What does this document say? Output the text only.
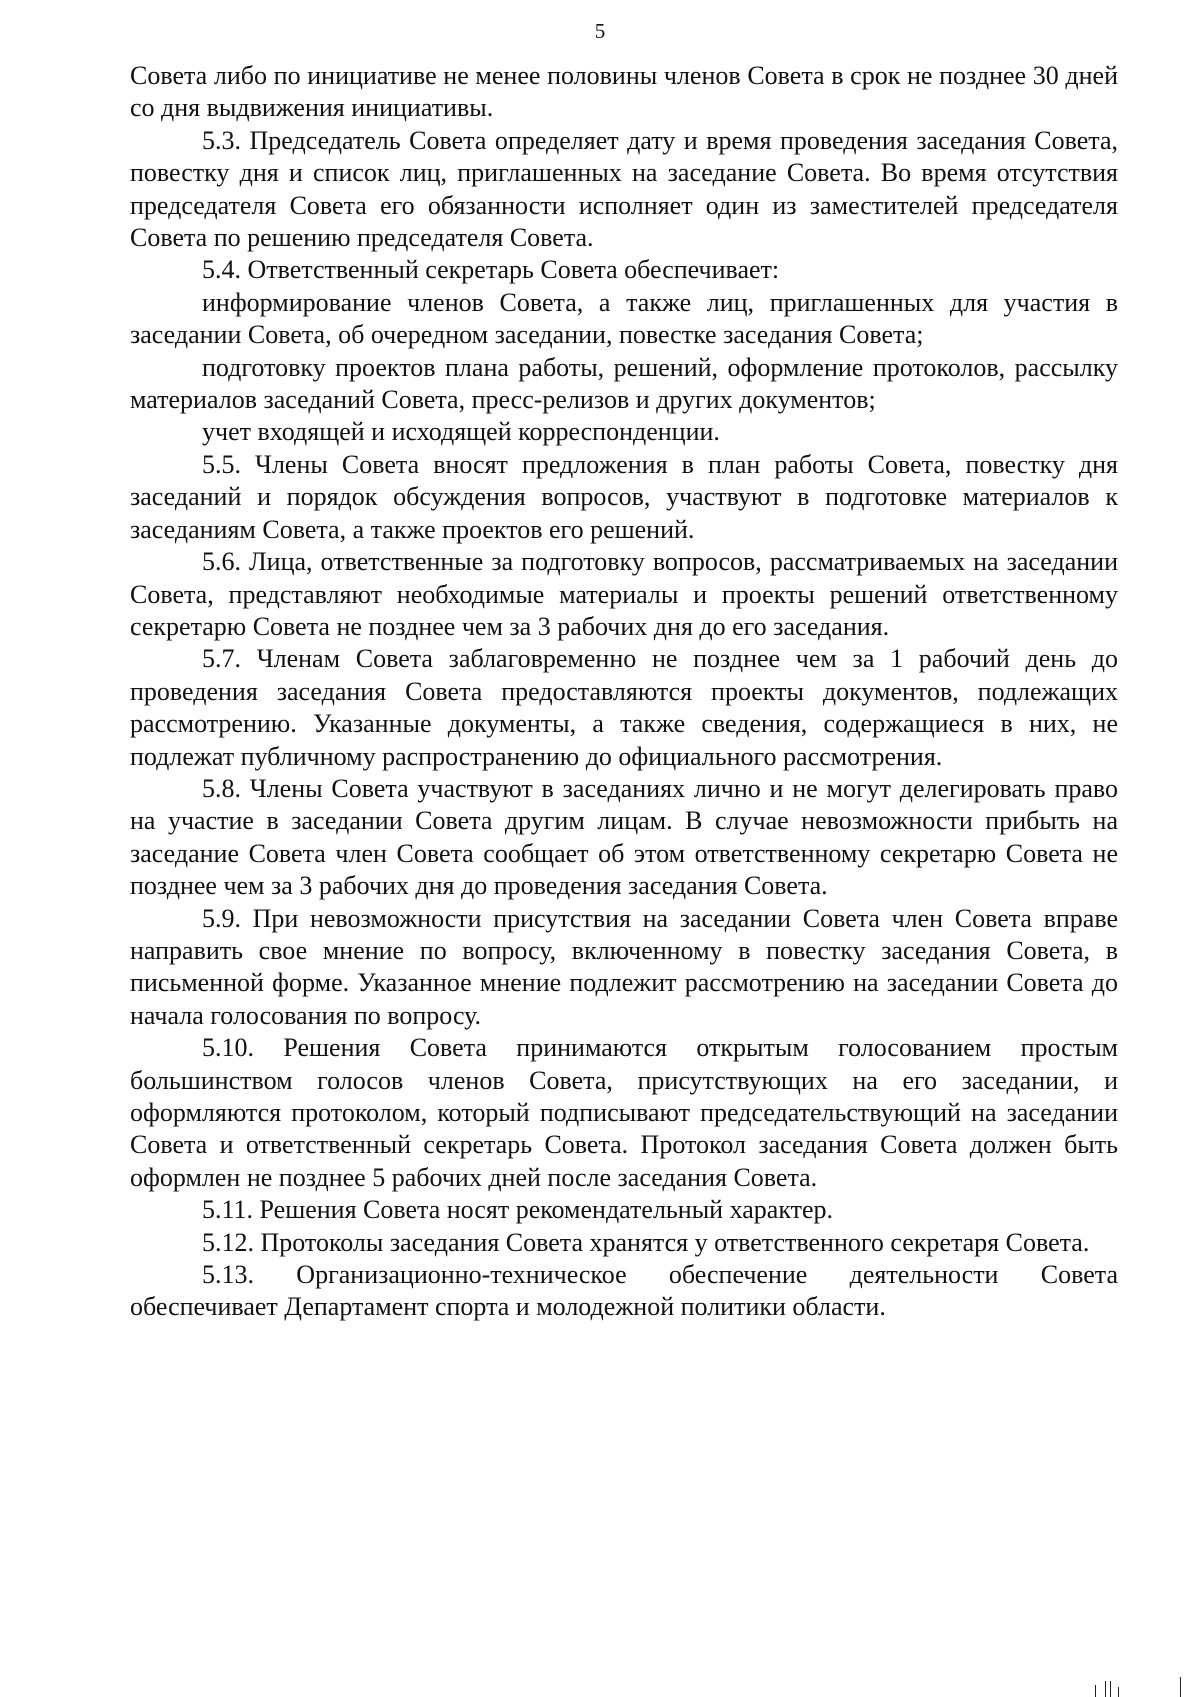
5

Совета либо по инициативе не менее половины членов Совета в срок не позднее 30 дней со дня выдвижения инициативы.

5.3. Председатель Совета определяет дату и время проведения заседания Совета, повестку дня и список лиц, приглашенных на заседание Совета. Во время отсутствия председателя Совета его обязанности исполняет один из заместителей председателя Совета по решению председателя Совета.

5.4. Ответственный секретарь Совета обеспечивает:

информирование членов Совета, а также лиц, приглашенных для участия в заседании Совета, об очередном заседании, повестке заседания Совета;

подготовку проектов плана работы, решений, оформление протоколов, рассылку материалов заседаний Совета, пресс-релизов и других документов;

учет входящей и исходящей корреспонденции.

5.5. Члены Совета вносят предложения в план работы Совета, повестку дня заседаний и порядок обсуждения вопросов, участвуют в подготовке материалов к заседаниям Совета, а также проектов его решений.

5.6. Лица, ответственные за подготовку вопросов, рассматриваемых на заседании Совета, представляют необходимые материалы и проекты решений ответственному секретарю Совета не позднее чем за 3 рабочих дня до его заседания.

5.7. Членам Совета заблаговременно не позднее чем за 1 рабочий день до проведения заседания Совета предоставляются проекты документов, подлежащих рассмотрению. Указанные документы, а также сведения, содержащиеся в них, не подлежат публичному распространению до официального рассмотрения.

5.8. Члены Совета участвуют в заседаниях лично и не могут делегировать право на участие в заседании Совета другим лицам. В случае невозможности прибыть на заседание Совета член Совета сообщает об этом ответственному секретарю Совета не позднее чем за 3 рабочих дня до проведения заседания Совета.

5.9. При невозможности присутствия на заседании Совета член Совета вправе направить свое мнение по вопросу, включенному в повестку заседания Совета, в письменной форме. Указанное мнение подлежит рассмотрению на заседании Совета до начала голосования по вопросу.

5.10. Решения Совета принимаются открытым голосованием простым большинством голосов членов Совета, присутствующих на его заседании, и оформляются протоколом, который подписывают председательствующий на заседании Совета и ответственный секретарь Совета. Протокол заседания Совета должен быть оформлен не позднее 5 рабочих дней после заседания Совета.

5.11. Решения Совета носят рекомендательный характер.

5.12. Протоколы заседания Совета хранятся у ответственного секретаря Совета.

5.13. Организационно-техническое обеспечение деятельности Совета обеспечивает Департамент спорта и молодежной политики области.
